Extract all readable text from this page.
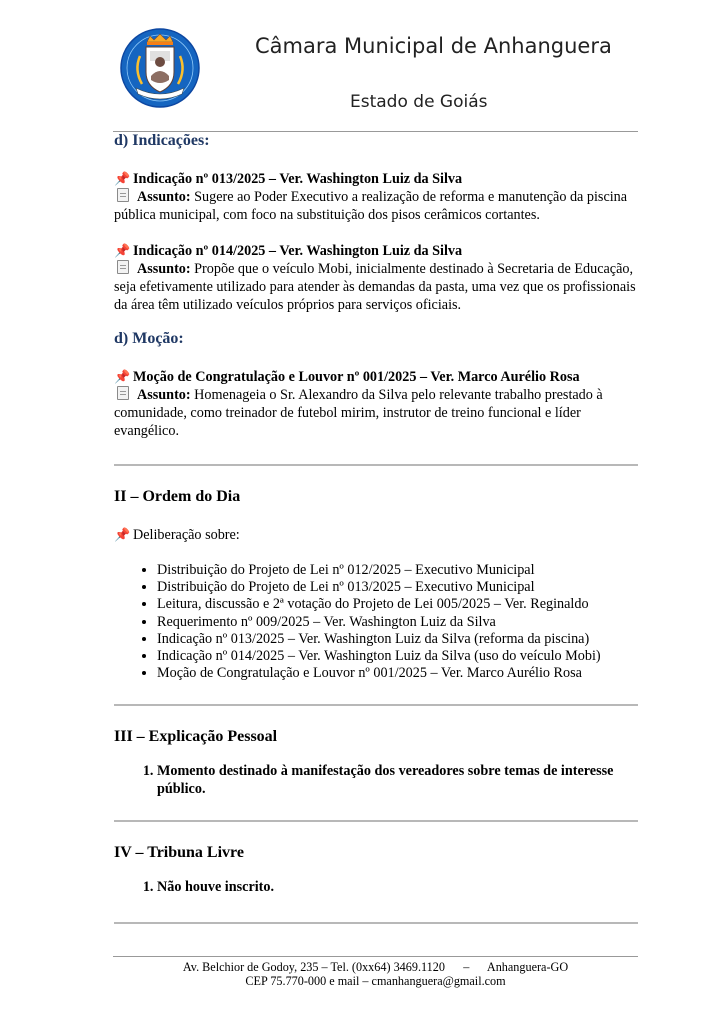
Câmara Municipal de Anhanguera
Estado de Goiás

d) Indicações:

📌 Indicação nº 013/2025 – Ver. Washington Luiz da Silva

Assunto: Sugere ao Poder Executivo a realização de reforma e manutenção da piscina pública municipal, com foco na substituição dos pisos cerâmicos cortantes.

📌 Indicação nº 014/2025 – Ver. Washington Luiz da Silva

Assunto: Propõe que o veículo Mobi, inicialmente destinado à Secretaria de Educação, seja efetivamente utilizado para atender às demandas da pasta, uma vez que os profissionais da área têm utilizado veículos próprios para serviços oficiais.

d) Moção:

📌 Moção de Congratulação e Louvor nº 001/2025 – Ver. Marco Aurélio Rosa

Assunto: Homenageia o Sr. Alexandro da Silva pelo relevante trabalho prestado à comunidade, como treinador de futebol mirim, instrutor de treino funcional e líder evangélico.

II – Ordem do Dia

📌 Deliberação sobre:

• Distribuição do Projeto de Lei nº 012/2025 – Executivo Municipal
• Distribuição do Projeto de Lei nº 013/2025 – Executivo Municipal
• Leitura, discussão e 2ª votação do Projeto de Lei 005/2025 – Ver. Reginaldo
• Requerimento nº 009/2025 – Ver. Washington Luiz da Silva
• Indicação nº 013/2025 – Ver. Washington Luiz da Silva (reforma da piscina)
• Indicação nº 014/2025 – Ver. Washington Luiz da Silva (uso do veículo Mobi)
• Moção de Congratulação e Louvor nº 001/2025 – Ver. Marco Aurélio Rosa

III – Explicação Pessoal

1. Momento destinado à manifestação dos vereadores sobre temas de interesse público.

IV – Tribuna Livre

1. Não houve inscrito.
Av. Belchior de Godoy, 235 – Tel. (0xx64) 3469.1120      –      Anhanguera-GO
CEP 75.770-000 e mail – cmanhanguera@gmail.com
